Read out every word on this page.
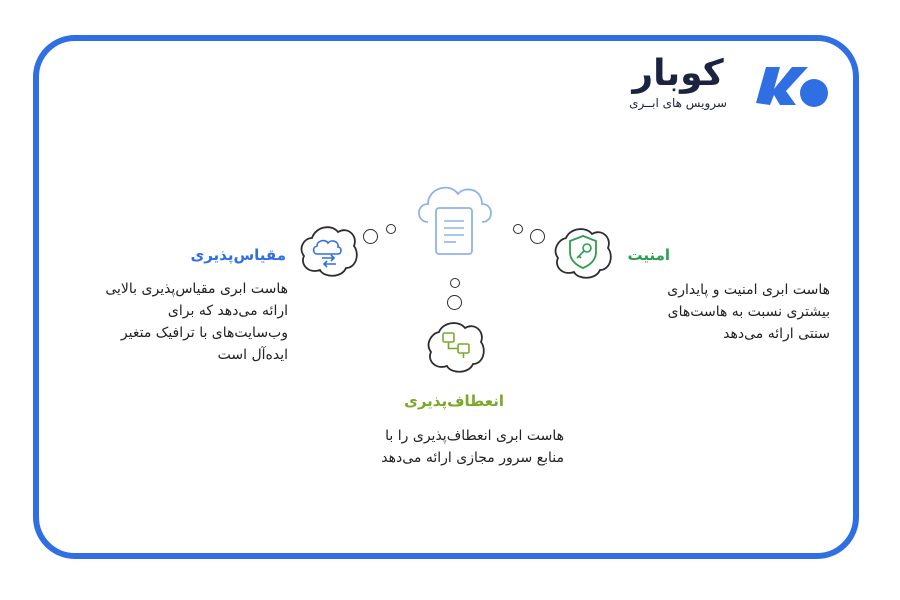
کوبار
سرویس های ابــری
مقیاس‌پذیری
هاست ابری مقیاس‌پذیری بالایی
ارائه می‌دهد که برای
وب‌سایت‌های با ترافیک متغیر
ایده‌آل است
امنیت
هاست ابری امنیت و پایداری
بیشتری نسبت به هاست‌های
سنتی ارائه می‌دهد
انعطاف‌پذیری
هاست ابری انعطاف‌پذیری را با
منابع سرور مجازی ارائه می‌دهد
